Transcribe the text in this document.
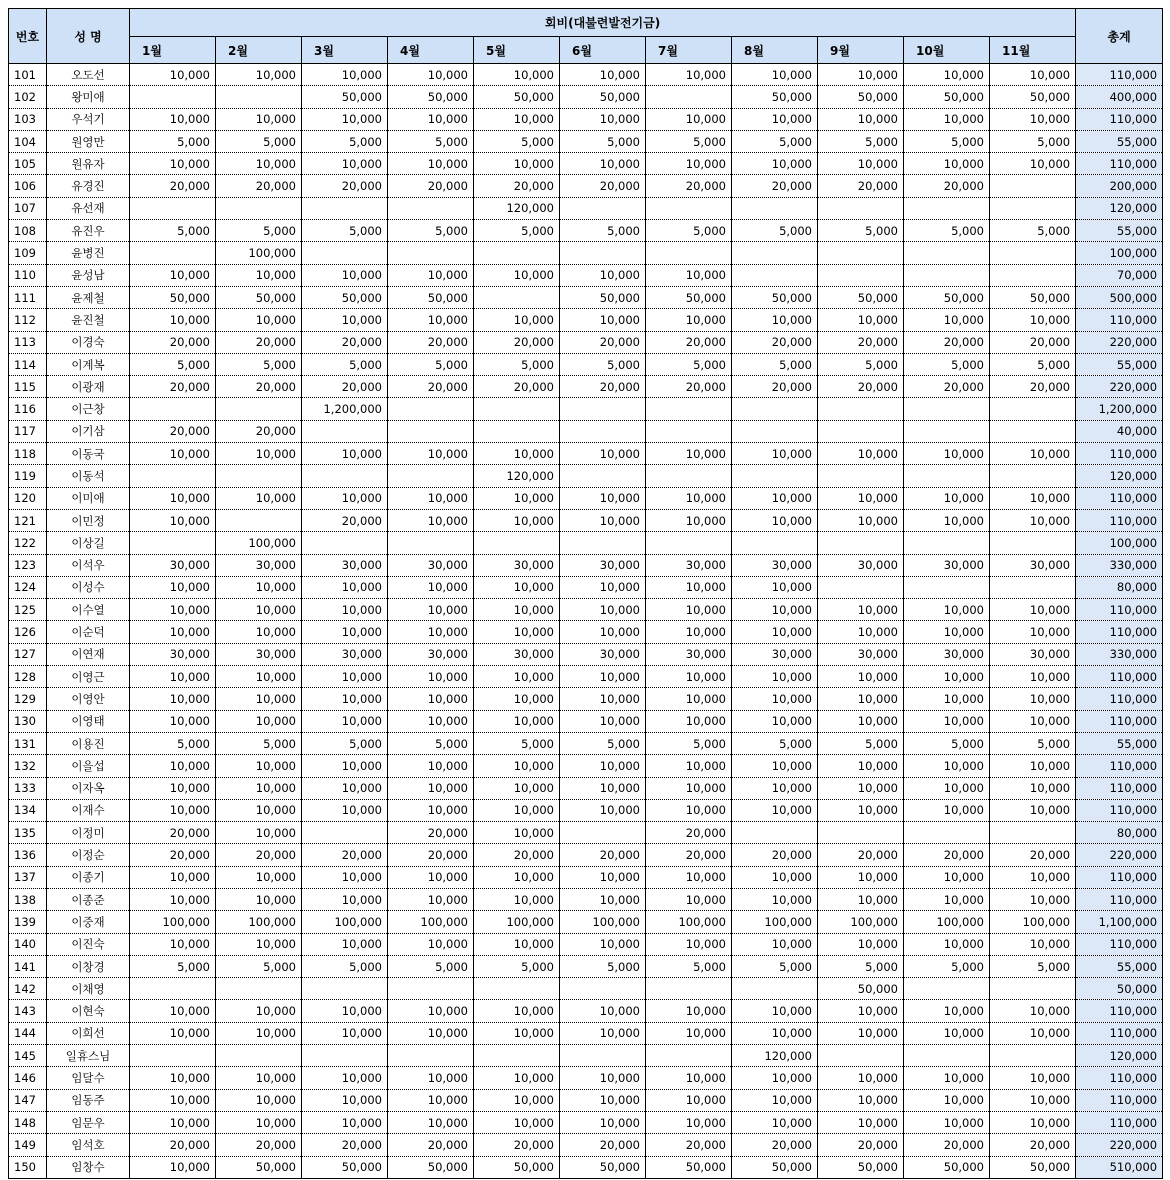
번호	성 명	회비(대불련발전기금)											총계
		1월	2월	3월	4월	5월	6월	7월	8월	9월	10월	11월	
101	오도선	10,000	10,000	10,000	10,000	10,000	10,000	10,000	10,000	10,000	10,000	10,000	110,000
102	왕미애			50,000	50,000	50,000	50,000		50,000	50,000	50,000	50,000	400,000
103	우석기	10,000	10,000	10,000	10,000	10,000	10,000	10,000	10,000	10,000	10,000	10,000	110,000
104	원영만	5,000	5,000	5,000	5,000	5,000	5,000	5,000	5,000	5,000	5,000	5,000	55,000
105	원유자	10,000	10,000	10,000	10,000	10,000	10,000	10,000	10,000	10,000	10,000	10,000	110,000
106	유경진	20,000	20,000	20,000	20,000	20,000	20,000	20,000	20,000	20,000	20,000		200,000
107	유선재					120,000							120,000
108	유진우	5,000	5,000	5,000	5,000	5,000	5,000	5,000	5,000	5,000	5,000	5,000	55,000
109	윤병진		100,000										100,000
110	윤성남	10,000	10,000	10,000	10,000	10,000	10,000	10,000					70,000
111	윤제철	50,000	50,000	50,000	50,000		50,000	50,000	50,000	50,000	50,000	50,000	500,000
112	윤진철	10,000	10,000	10,000	10,000	10,000	10,000	10,000	10,000	10,000	10,000	10,000	110,000
113	이경숙	20,000	20,000	20,000	20,000	20,000	20,000	20,000	20,000	20,000	20,000	20,000	220,000
114	이계복	5,000	5,000	5,000	5,000	5,000	5,000	5,000	5,000	5,000	5,000	5,000	55,000
115	이광재	20,000	20,000	20,000	20,000	20,000	20,000	20,000	20,000	20,000	20,000	20,000	220,000
116	이근창			1,200,000									1,200,000
117	이기삼	20,000	20,000										40,000
118	이동국	10,000	10,000	10,000	10,000	10,000	10,000	10,000	10,000	10,000	10,000	10,000	110,000
119	이동석					120,000							120,000
120	이미애	10,000	10,000	10,000	10,000	10,000	10,000	10,000	10,000	10,000	10,000	10,000	110,000
121	이민정	10,000		20,000	10,000	10,000	10,000	10,000	10,000	10,000	10,000	10,000	110,000
122	이상길		100,000										100,000
123	이석우	30,000	30,000	30,000	30,000	30,000	30,000	30,000	30,000	30,000	30,000	30,000	330,000
124	이성수	10,000	10,000	10,000	10,000	10,000	10,000	10,000	10,000				80,000
125	이수열	10,000	10,000	10,000	10,000	10,000	10,000	10,000	10,000	10,000	10,000	10,000	110,000
126	이순덕	10,000	10,000	10,000	10,000	10,000	10,000	10,000	10,000	10,000	10,000	10,000	110,000
127	이연재	30,000	30,000	30,000	30,000	30,000	30,000	30,000	30,000	30,000	30,000	30,000	330,000
128	이영근	10,000	10,000	10,000	10,000	10,000	10,000	10,000	10,000	10,000	10,000	10,000	110,000
129	이영안	10,000	10,000	10,000	10,000	10,000	10,000	10,000	10,000	10,000	10,000	10,000	110,000
130	이영태	10,000	10,000	10,000	10,000	10,000	10,000	10,000	10,000	10,000	10,000	10,000	110,000
131	이용진	5,000	5,000	5,000	5,000	5,000	5,000	5,000	5,000	5,000	5,000	5,000	55,000
132	이을섭	10,000	10,000	10,000	10,000	10,000	10,000	10,000	10,000	10,000	10,000	10,000	110,000
133	이자옥	10,000	10,000	10,000	10,000	10,000	10,000	10,000	10,000	10,000	10,000	10,000	110,000
134	이재수	10,000	10,000	10,000	10,000	10,000	10,000	10,000	10,000	10,000	10,000	10,000	110,000
135	이정미	20,000	10,000		20,000	10,000		20,000					80,000
136	이정순	20,000	20,000	20,000	20,000	20,000	20,000	20,000	20,000	20,000	20,000	20,000	220,000
137	이종기	10,000	10,000	10,000	10,000	10,000	10,000	10,000	10,000	10,000	10,000	10,000	110,000
138	이종준	10,000	10,000	10,000	10,000	10,000	10,000	10,000	10,000	10,000	10,000	10,000	110,000
139	이중재	100,000	100,000	100,000	100,000	100,000	100,000	100,000	100,000	100,000	100,000	100,000	1,100,000
140	이진숙	10,000	10,000	10,000	10,000	10,000	10,000	10,000	10,000	10,000	10,000	10,000	110,000
141	이창경	5,000	5,000	5,000	5,000	5,000	5,000	5,000	5,000	5,000	5,000	5,000	55,000
142	이채영									50,000			50,000
143	이현숙	10,000	10,000	10,000	10,000	10,000	10,000	10,000	10,000	10,000	10,000	10,000	110,000
144	이희선	10,000	10,000	10,000	10,000	10,000	10,000	10,000	10,000	10,000	10,000	10,000	110,000
145	일휴스님								120,000				120,000
146	임달수	10,000	10,000	10,000	10,000	10,000	10,000	10,000	10,000	10,000	10,000	10,000	110,000
147	임동주	10,000	10,000	10,000	10,000	10,000	10,000	10,000	10,000	10,000	10,000	10,000	110,000
148	임문우	10,000	10,000	10,000	10,000	10,000	10,000	10,000	10,000	10,000	10,000	10,000	110,000
149	임석호	20,000	20,000	20,000	20,000	20,000	20,000	20,000	20,000	20,000	20,000	20,000	220,000
150	임창수	10,000	50,000	50,000	50,000	50,000	50,000	50,000	50,000	50,000	50,000	50,000	510,000
